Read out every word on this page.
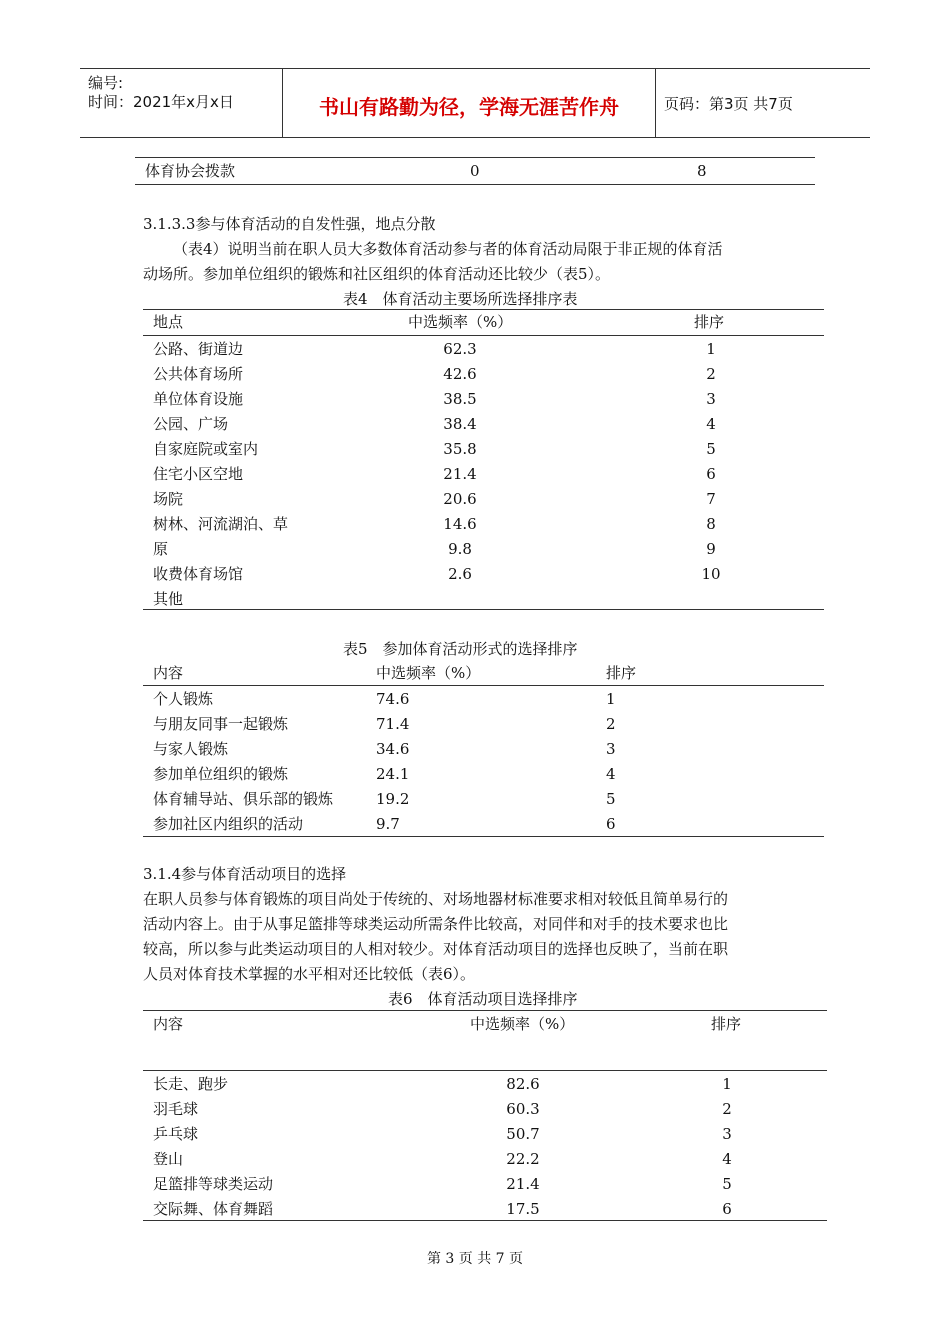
编号:
时间：2021年x月x日	书山有路勤为径，学海无涯苦作舟	页码：第3页 共7页
体育协会拨款	0	8
3.1.3.3参与体育活动的自发性强，地点分散
（表4）说明当前在职人员大多数体育活动参与者的体育活动局限于非正规的体育活
动场所。参加单位组织的锻炼和社区组织的体育活动还比较少（表5）。
表4　体育活动主要场所选择排序表
地点	中选频率（%）	排序
公路、街道边	62.3	1
公共体育场所	42.6	2
单位体育设施	38.5	3
公园、广场	38.4	4
自家庭院或室内	35.8	5
住宅小区空地	21.4	6
场院	20.6	7
树林、河流湖泊、草	14.6	8
原	9.8	9
收费体育场馆	2.6	10
其他
表5　参加体育活动形式的选择排序
内容	中选频率（%）	排序
个人锻炼	74.6	1
与朋友同事一起锻炼	71.4	2
与家人锻炼	34.6	3
参加单位组织的锻炼	24.1	4
体育辅导站、俱乐部的锻炼	19.2	5
参加社区内组织的活动	9.7	6
3.1.4参与体育活动项目的选择
在职人员参与体育锻炼的项目尚处于传统的、对场地器材标准要求相对较低且简单易行的
活动内容上。由于从事足篮排等球类运动所需条件比较高，对同伴和对手的技术要求也比
较高，所以参与此类运动项目的人相对较少。对体育活动项目的选择也反映了，当前在职
人员对体育技术掌握的水平相对还比较低（表6）。
表6　体育活动项目选择排序
内容	中选频率（%）	排序
长走、跑步	82.6	1
羽毛球	60.3	2
乒乓球	50.7	3
登山	22.2	4
足篮排等球类运动	21.4	5
交际舞、体育舞蹈	17.5	6
第 3 页 共 7 页
